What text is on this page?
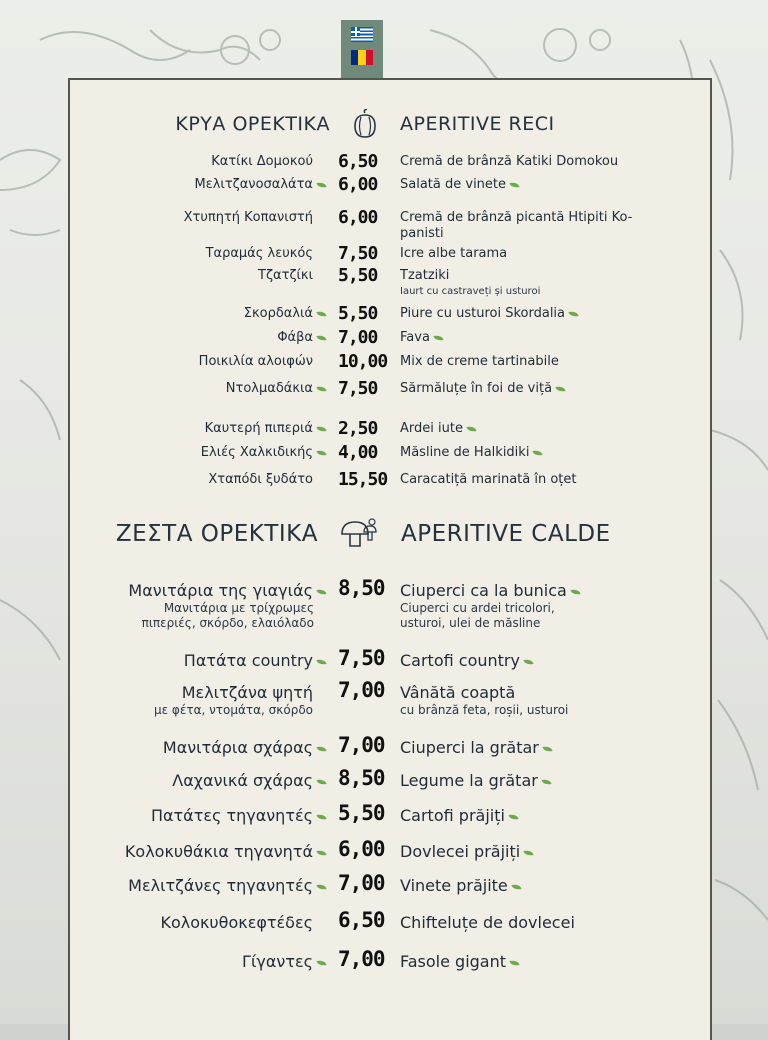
ΚΡΥΑ ΟΡΕΚΤΙΚΑ	APERITIVE RECI
ΖΕΣΤΑ ΟΡΕΚΤΙΚΑ	APERITIVE CALDE
Κατίκι Δομοκού 6,50	Cremă de brânză Katiki Domokou
Μελιτζανοσαλάτα	6,00	Salată de vinete
Χτυπητή Κοπανιστή 6,00	Cremă de brânză picantă Htipiti Ko-
panisti
Ταραμάς λευκός 7,50	Icre albe tarama
Τζατζίκι 5,50	Tzatziki
Iaurt cu castraveți și usturoi
Σκορδαλιά	5,50	Piure cu usturoi Skordalia
Φάβα	7,00	Fava
Ποικιλία αλοιφών 10,00 Mix de creme tartinabile
Ντολμαδάκια	7,50	Sărmăluțe în foi de viță
Καυτερή πιπεριά	2,50	Ardei iute
Ελιές Χαλκιδικής	4,00	Măsline de Halkidiki
Χταπόδι ξυδάτο 15,50 Caracatiță marinată în oțet
Μανιτάρια της γιαγιάς	8,50 Ciuperci ca la bunica
Μανιτάρια με τρίχρωμες	Ciuperci cu ardei tricolori,
πιπεριές, σκόρδο, ελαιόλαδο	usturoi, ulei de măsline
Πατάτα country	7,50 Cartofi country
Μελιτζάνα ψητή 7,00 Vânătă coaptă
με φέτα, ντομάτα, σκόρδο	cu brânză feta, roșii, usturoi
Μανιτάρια σχάρας	7,00 Ciuperci la grătar
Λαχανικά σχάρας	8,50 Legume la grătar
Πατάτες τηγανητές	5,50 Cartofi prăjiți
Κολοκυθάκια τηγανητά	6,00 Dovlecei prăjiți
Μελιτζάνες τηγανητές	7,00 Vinete prăjite
Κολοκυθοκεφτέδες 6,50 Chifteluțe de dovlecei
Γίγαντες	7,00 Fasole gigant
